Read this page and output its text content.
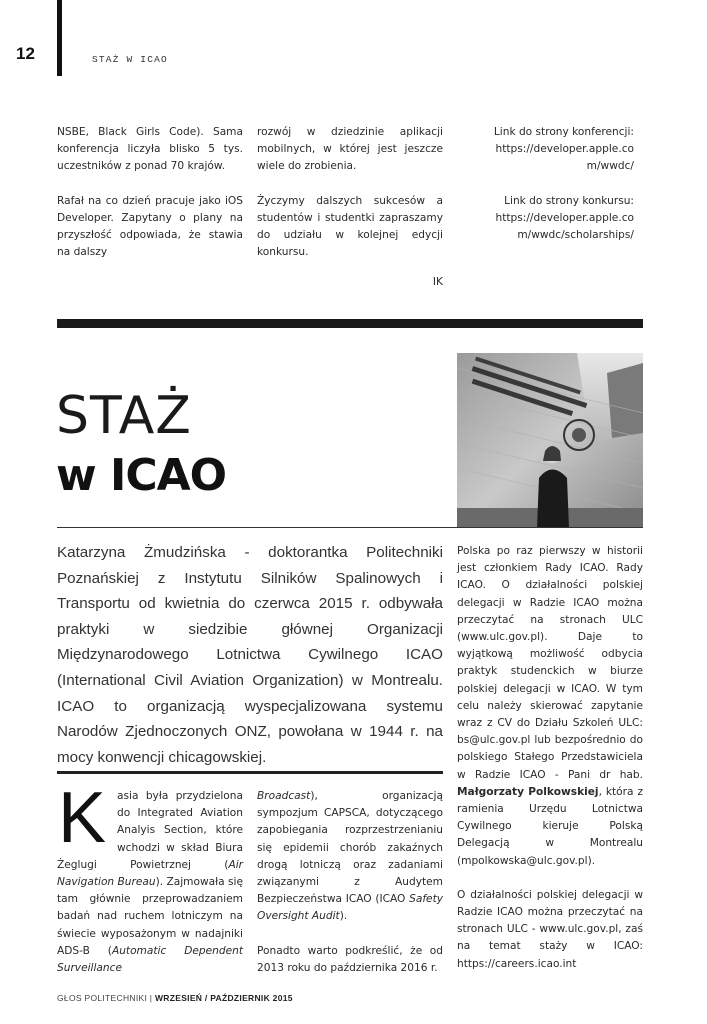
12	STAŻ W ICAO

NSBE, Black Girls Code). Sama konferencja liczyła blisko 5 tys. uczestników z ponad 70 krajów.

Rafał na co dzień pracuje jako iOS Developer. Zapytany o plany na przyszłość odpowiada, że stawia na dalszy

rozwój w dziedzinie aplikacji mobilnych, w której jest jeszcze wiele do zrobienia.

Życzymy dalszych sukcesów a studentów i studentki zapraszamy do udziału w kolejnej edycji konkursu.

IK
Link do strony konferencji:
https://developer.apple.com/wwdc/
Link do strony konkursu:
https://developer.apple.com/wwdc/scholarships/
STAŻ
w ICAO
INTERNATIONAL CIVIL AVIATION ORGANIZATION
Katarzyna Żmudzińska - doktorantka Politechniki Poznańskiej z Instytutu Silników Spalinowych i Transportu od kwietnia do czerwca 2015 r. odbywała praktyki w siedzibie głównej Organizacji Międzynarodowego Lotnictwa Cywilnego ICAO (International Civil Aviation Organization) w Montrealu. ICAO to organizacją wyspecjalizowana systemu Narodów Zjednoczonych ONZ, powołana w 1944 r. na mocy konwencji chicagowskiej.
K	asia była przydzielona do Integrated Aviation Analyis Section, które wchodzi w skład Biura Żeglugi Powietrznej (Air Navigation Bureau). Zajmowała się tam głównie przeprowadzaniem badań nad ruchem lotniczym na świecie wyposażonym w nadajniki ADS-B (Automatic Dependent Surveillance

Broadcast), organizacją sympozjum CAPSCA, dotyczącego zapobiegania rozprzestrzenianiu się epidemii chorób zakaźnych drogą lotniczą oraz zadaniami związanymi z Audytem Bezpieczeństwa ICAO (ICAO Safety Oversight Audit).

Ponadto warto podkreślić, że od 2013 roku do października 2016 r.

Polska po raz pierwszy w historii jest członkiem Rady ICAO. Rady ICAO. O działalności polskiej delegacji w Radzie ICAO można przeczytać na stronach ULC (www.ulc.gov.pl). Daje to wyjątkową możliwość odbycia praktyk studenckich w biurze polskiej delegacji w ICAO. W tym celu należy skierować zapytanie wraz z CV do Działu Szkoleń ULC: bs@ulc.gov.pl lub bezpośrednio do polskiego Stałego Przedstawiciela w Radzie ICAO - Pani dr hab. Małgorzaty Polkowskiej, która z ramienia Urzędu Lotnictwa Cywilnego kieruje Polską Delegacją w Montrealu (mpolkowska@ulc.gov.pl).

O działalności polskiej delegacji w Radzie ICAO można przeczytać na stronach ULC - www.ulc.gov.pl, zaś na temat staży w ICAO: https://careers.icao.int

GŁOS POLITECHNIKI | WRZESIEŃ / PAŹDZIERNIK 2015
